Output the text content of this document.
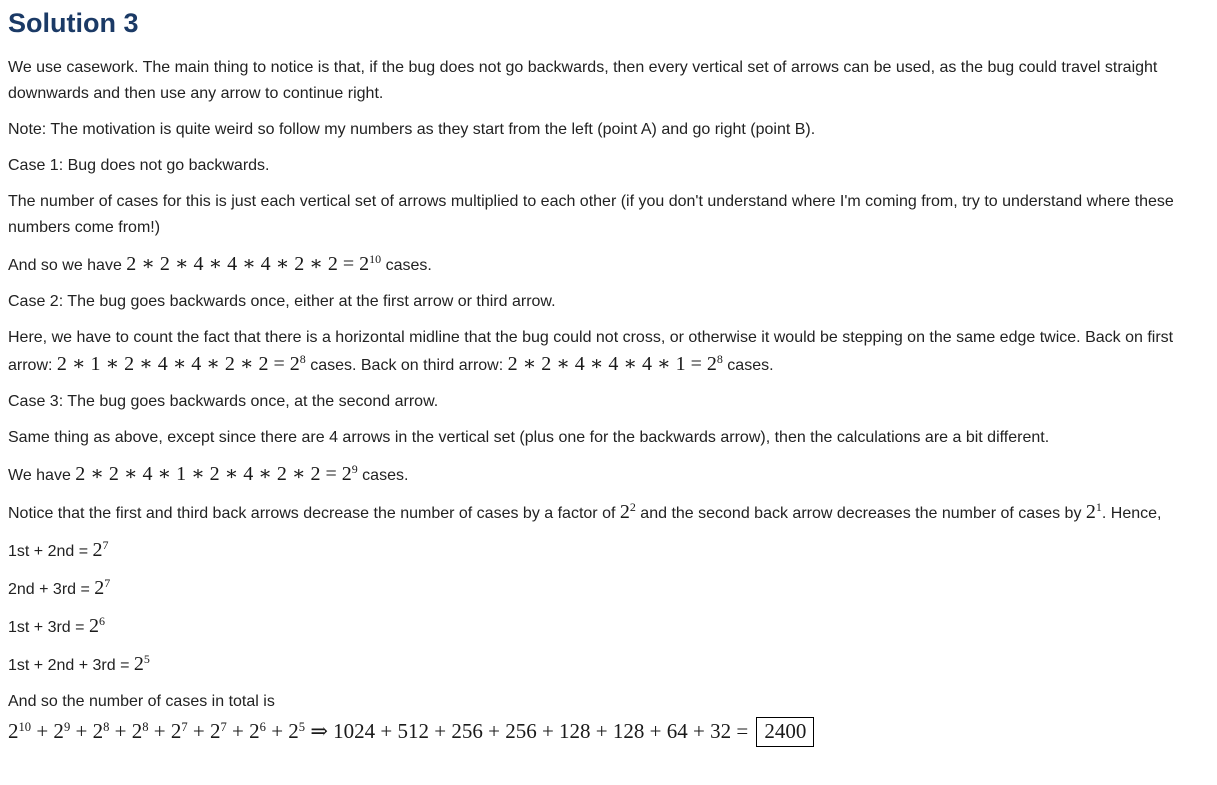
Solution 3

We use casework. The main thing to notice is that, if the bug does not go backwards, then every vertical set of arrows can be used, as the bug could travel straight downwards and then use any arrow to continue right.

Note: The motivation is quite weird so follow my numbers as they start from the left (point A) and go right (point B).

Case 1: Bug does not go backwards.

The number of cases for this is just each vertical set of arrows multiplied to each other (if you don't understand where I'm coming from, try to understand where these numbers come from!)

And so we have 2 ∗ 2 ∗ 4 ∗ 4 ∗ 4 ∗ 2 ∗ $2 = 2^{10}$ cases.

Case 2: The bug goes backwards once, either at the first arrow or third arrow.

Here, we have to count the fact that there is a horizontal midline that the bug could not cross, or otherwise it would be stepping on the same edge twice. Back on first arrow: 2 ∗ 1 ∗ 2 ∗ 4 ∗ 4 ∗ 2 ∗ $2 = 2^8$ cases. Back on third arrow: 2 ∗ 2 ∗ 4 ∗ 4 ∗ 4 ∗ $1 = 2^8$ cases.

Case 3: The bug goes backwards once, at the second arrow.

Same thing as above, except since there are 4 arrows in the vertical set (plus one for the backwards arrow), then the calculations are a bit different.

We have 2 ∗ 2 ∗ 4 ∗ 1 ∗ 2 ∗ 4 ∗ 2 ∗ $2 = 2^9$ cases.

Notice that the first and third back arrows decrease the number of cases by a factor of $2^2$ and the second back arrow decreases the number of cases by $2^1$. Hence,

$1st + 2nd = 2^7$

$2nd + 3rd = 2^7$

$1st + 3rd = 2^6$

$1st + 2nd + 3rd = 2^5$

And so the number of cases in total is

$2^{10} + 2^9 + 2^8 + 2^8 + 2^7 + 2^7 + 2^6 + 2^5$ ⇒ 1024 + 512 + 256 + 256 + 128 + 128 + 64 + 32 = 2400
